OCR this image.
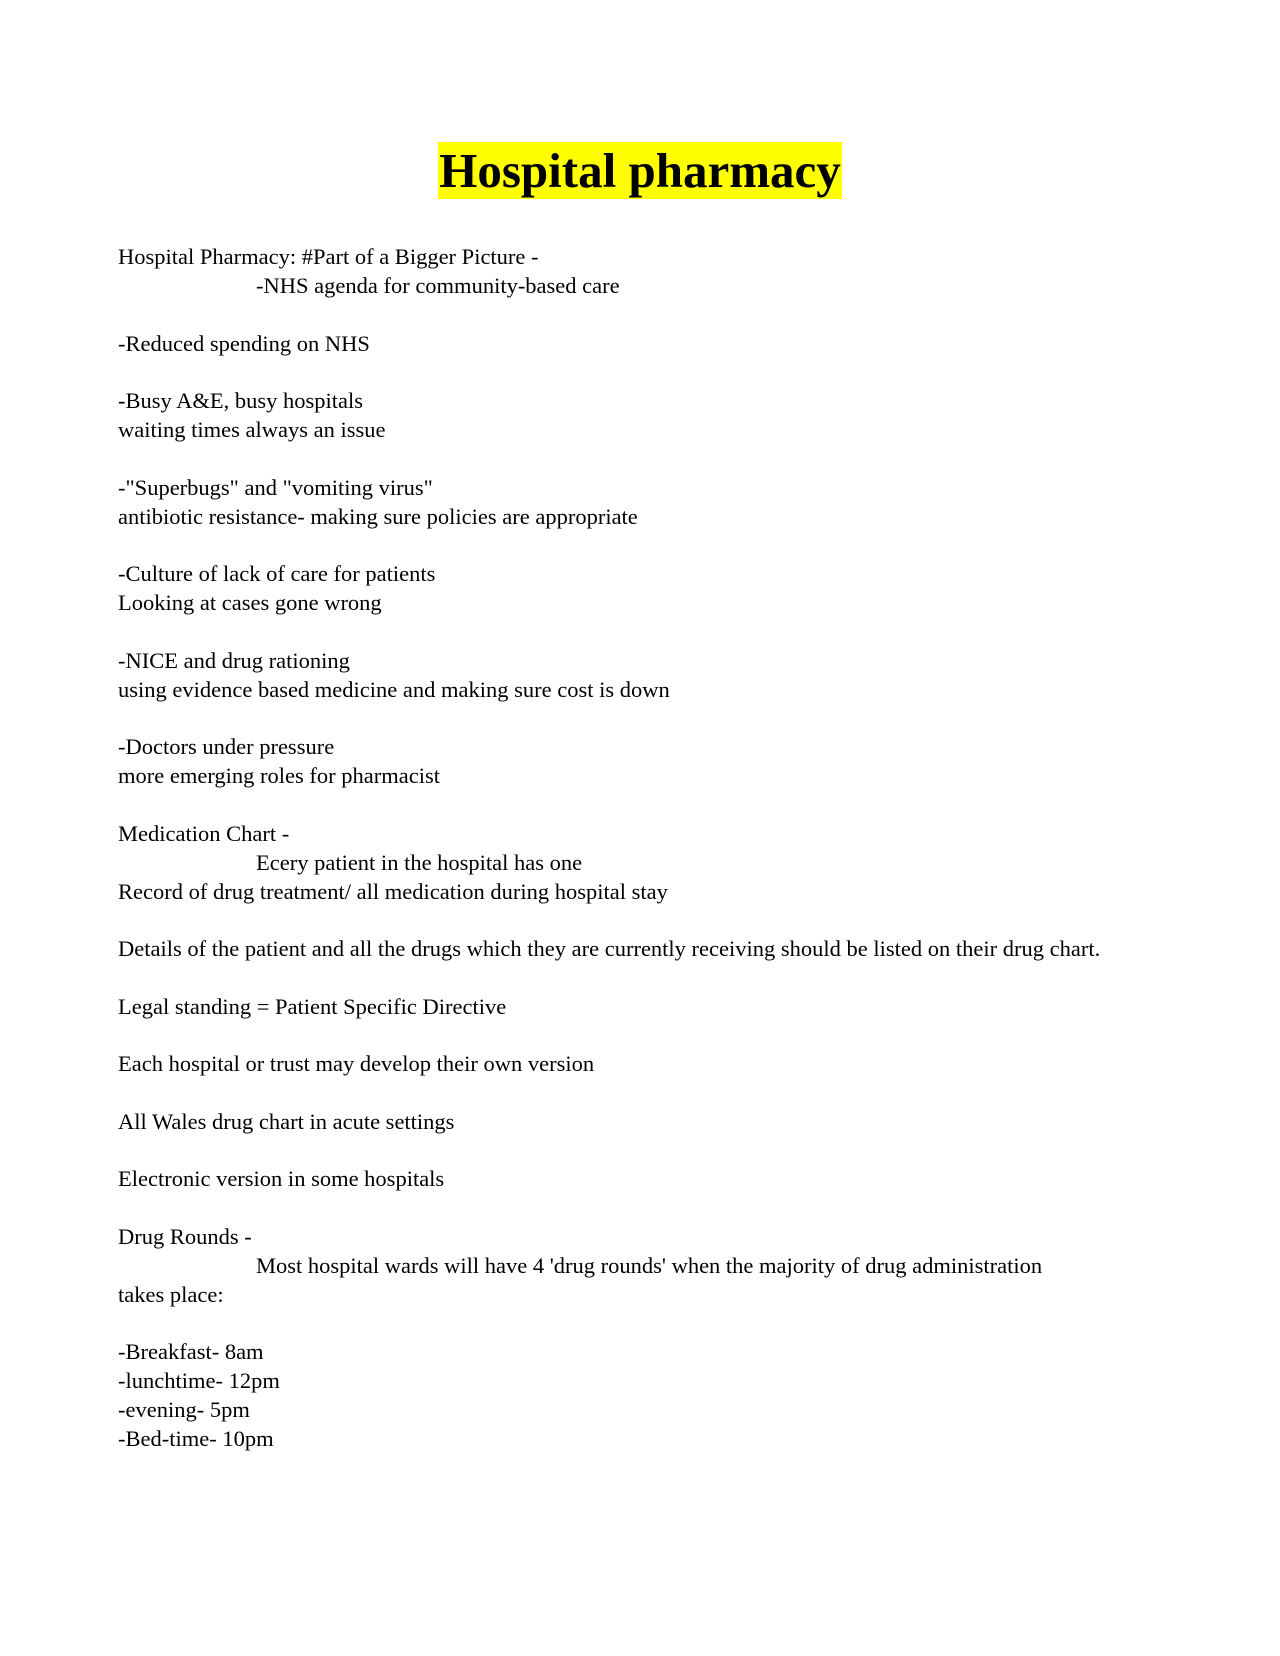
Hospital pharmacy
Hospital Pharmacy: #Part of a Bigger Picture -
-NHS agenda for community-based care
-Reduced spending on NHS
-Busy A&E, busy hospitals
waiting times always an issue
-"Superbugs" and "vomiting virus"
antibiotic resistance- making sure policies are appropriate
-Culture of lack of care for patients
Looking at cases gone wrong
-NICE and drug rationing
using evidence based medicine and making sure cost is down
-Doctors under pressure
more emerging roles for pharmacist
Medication Chart -
Ecery patient in the hospital has one
Record of drug treatment/ all medication during hospital stay
Details of the patient and all the drugs which they are currently receiving should be listed on their drug chart.
Legal standing = Patient Specific Directive
Each hospital or trust may develop their own version
All Wales drug chart in acute settings
Electronic version in some hospitals
Drug Rounds -
Most hospital wards will have 4 'drug rounds' when the majority of drug administration
takes place:
-Breakfast- 8am
-lunchtime- 12pm
-evening- 5pm
-Bed-time- 10pm
